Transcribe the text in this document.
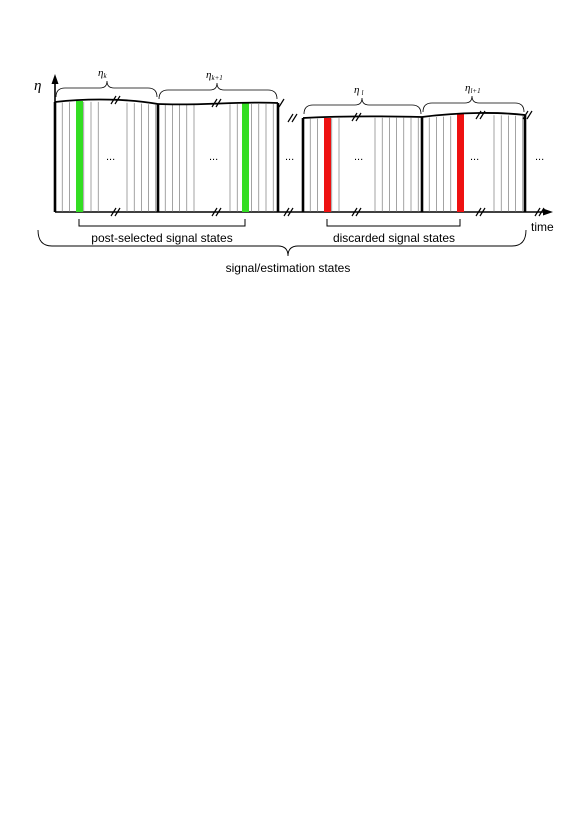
η
time
...	...	...	...	...	...
ηk	ηk+1
ηl	ηl+1
post-selected signal states	discarded signal states
signal/estimation states
